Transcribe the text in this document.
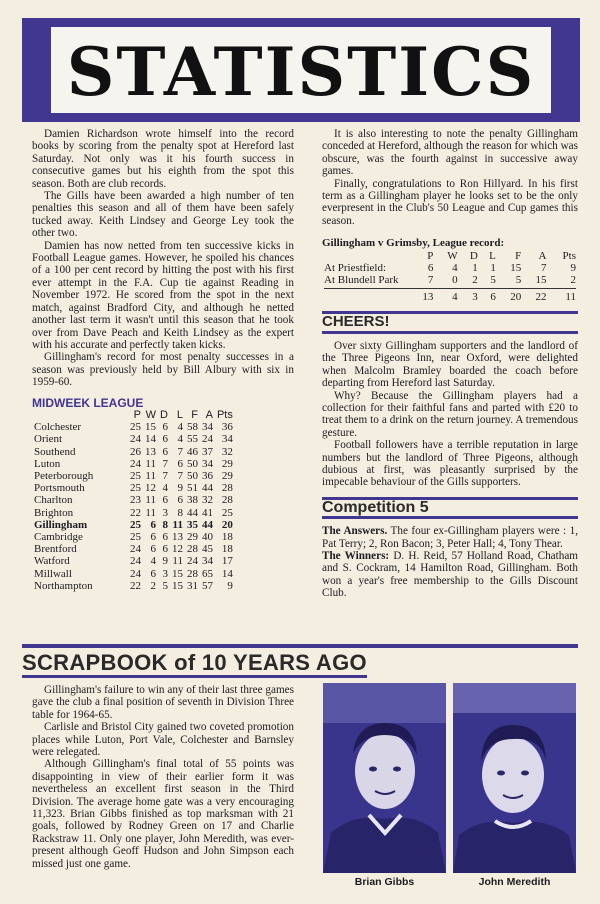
STATISTICS

Damien Richardson wrote himself into the record books by scoring from the penalty spot at Hereford last Saturday. Not only was it his fourth success in consecutive games but his eighth from the spot this season. Both are club records.

The Gills have been awarded a high number of ten penalties this season and all of them have been safely tucked away. Keith Lindsey and George Ley took the other two.

Damien has now netted from ten successive kicks in Football League games. However, he spoiled his chances of a 100 per cent record by hitting the post with his first ever attempt in the F.A. Cup tie against Reading in November 1972. He scored from the spot in the next match, against Bradford City, and although he netted another last term it wasn't until this season that he took over from Dave Peach and Keith Lindsey as the expert with his accurate and perfectly taken kicks.

Gillingham's record for most penalty successes in a season was previously held by Bill Albury with six in 1959-60.

MIDWEEK LEAGUE
	P	W	D	L	F	A	Pts
Colchester	25	15	6	4	58	34	36
Orient	24	14	6	4	55	24	34
Southend	26	13	6	7	46	37	32
Luton	24	11	7	6	50	34	29
Peterborough	25	11	7	7	50	36	29
Portsmouth	25	12	4	9	51	44	28
Charlton	23	11	6	6	38	32	28
Brighton	22	11	3	8	44	41	25
Gillingham	25	6	8	11	35	44	20
Cambridge	25	6	6	13	29	40	18
Brentford	24	6	6	12	28	45	18
Watford	24	4	9	11	24	34	17
Millwall	24	6	3	15	28	65	14
Northampton	22	2	5	15	31	57	9

It is also interesting to note the penalty Gillingham conceded at Hereford, although the reason for which was obscure, was the fourth against in successive away games.

Finally, congratulations to Ron Hillyard. In his first term as a Gillingham player he looks set to be the only everpresent in the Club's 50 League and Cup games this season.

Gillingham v Grimsby, League record:
	P	W	D	L	F	A	Pts
At Priestfield:	6	4	1	1	15	7	9
At Blundell Park	7	0	2	5	5	15	2

	13	4	3	6	20	22	11
CHEERS!

Over sixty Gillingham supporters and the landlord of the Three Pigeons Inn, near Oxford, were delighted when Malcolm Bramley boarded the coach before departing from Hereford last Saturday.

Why? Because the Gillingham players had a collection for their faithful fans and parted with £20 to treat them to a drink on the return journey. A tremendous gesture.

Football followers have a terrible reputation in large numbers but the landlord of Three Pigeons, although dubious at first, was pleasantly surprised by the impecable behaviour of the Gills supporters.

Competition 5

The Answers. The four ex-Gillingham players were : 1, Pat Terry; 2, Ron Bacon; 3, Peter Hall; 4, Tony Thear.

The Winners: D. H. Reid, 57 Holland Road, Chatham and S. Cockram, 14 Hamilton Road, Gillingham. Both won a year's free membership to the Gills Discount Club.

SCRAPBOOK of 10 YEARS AGO

Gillingham's failure to win any of their last three games gave the club a final position of seventh in Division Three table for 1964-65.

Carlisle and Bristol City gained two coveted promotion places while Luton, Port Vale, Colchester and Barnsley were relegated.

Although Gillingham's final total of 55 points was disappointing in view of their earlier form it was nevertheless an excellent first season in the Third Division. The average home gate was a very encouraging 11,323. Brian Gibbs finished as top marksman with 21 goals, followed by Rodney Green on 17 and Charlie Rackstraw 11. Only one player, John Meredith, was ever-present although Geoff Hudson and John Simpson each missed just one game.

Brian Gibbs	John Meredith
